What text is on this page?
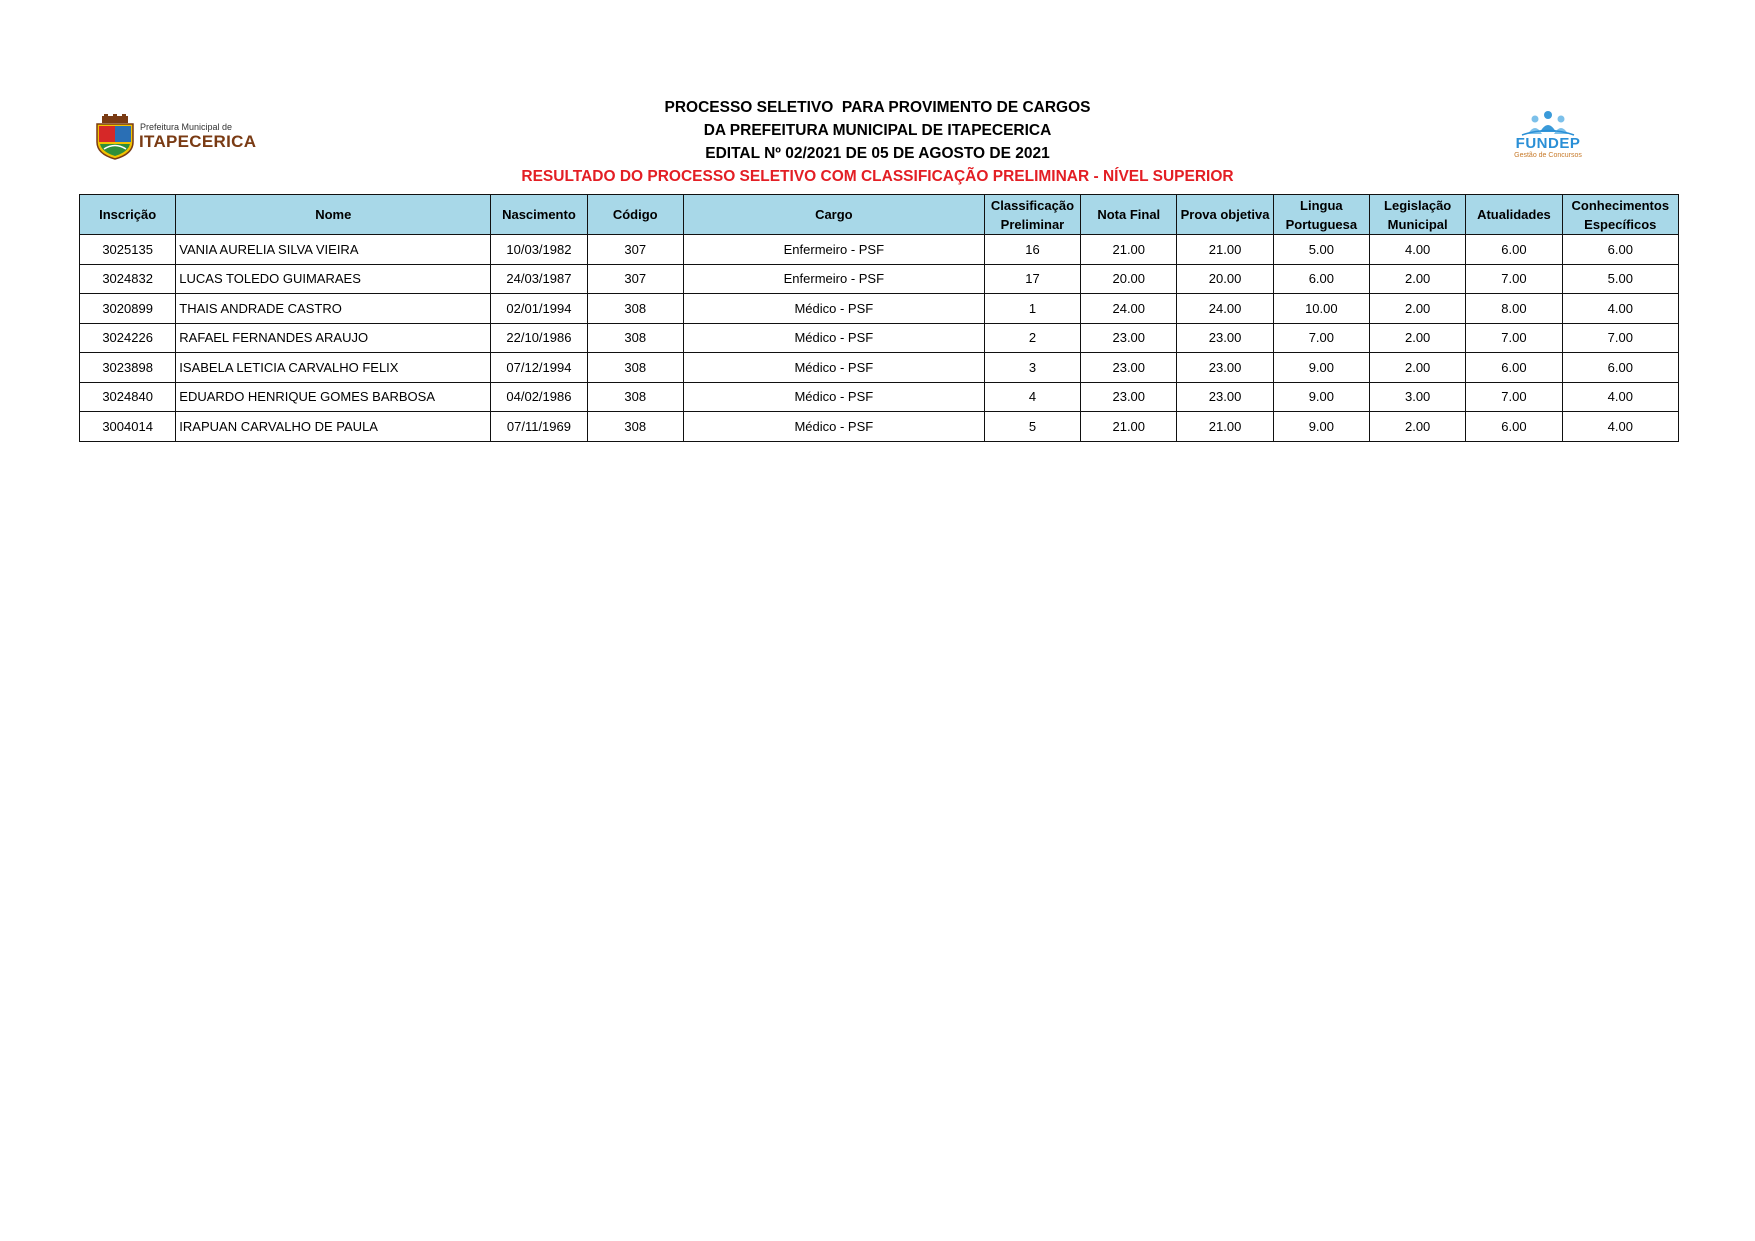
Prefeitura Municipal de
ITAPECERICA
PROCESSO SELETIVO  PARA PROVIMENTO DE CARGOS
DA PREFEITURA MUNICIPAL DE ITAPECERICA
EDITAL Nº 02/2021 DE 05 DE AGOSTO DE 2021
RESULTADO DO PROCESSO SELETIVO COM CLASSIFICAÇÃO PRELIMINAR - NÍVEL SUPERIOR
FUNDEP
Gestão de Concursos
Inscrição	Nome	Nascimento	Código	Cargo	Classificação Preliminar	Nota Final	Prova objetiva	Lingua Portuguesa	Legislação Municipal	Atualidades	Conhecimentos Específicos
3025135	VANIA AURELIA SILVA VIEIRA	10/03/1982	307	Enfermeiro - PSF	16	21.00	21.00	5.00	4.00	6.00	6.00
3024832	LUCAS TOLEDO GUIMARAES	24/03/1987	307	Enfermeiro - PSF	17	20.00	20.00	6.00	2.00	7.00	5.00
3020899	THAIS ANDRADE CASTRO	02/01/1994	308	Médico - PSF	1	24.00	24.00	10.00	2.00	8.00	4.00
3024226	RAFAEL FERNANDES ARAUJO	22/10/1986	308	Médico - PSF	2	23.00	23.00	7.00	2.00	7.00	7.00
3023898	ISABELA LETICIA CARVALHO FELIX	07/12/1994	308	Médico - PSF	3	23.00	23.00	9.00	2.00	6.00	6.00
3024840	EDUARDO HENRIQUE GOMES BARBOSA	04/02/1986	308	Médico - PSF	4	23.00	23.00	9.00	3.00	7.00	4.00
3004014	IRAPUAN CARVALHO DE PAULA	07/11/1969	308	Médico - PSF	5	21.00	21.00	9.00	2.00	6.00	4.00
